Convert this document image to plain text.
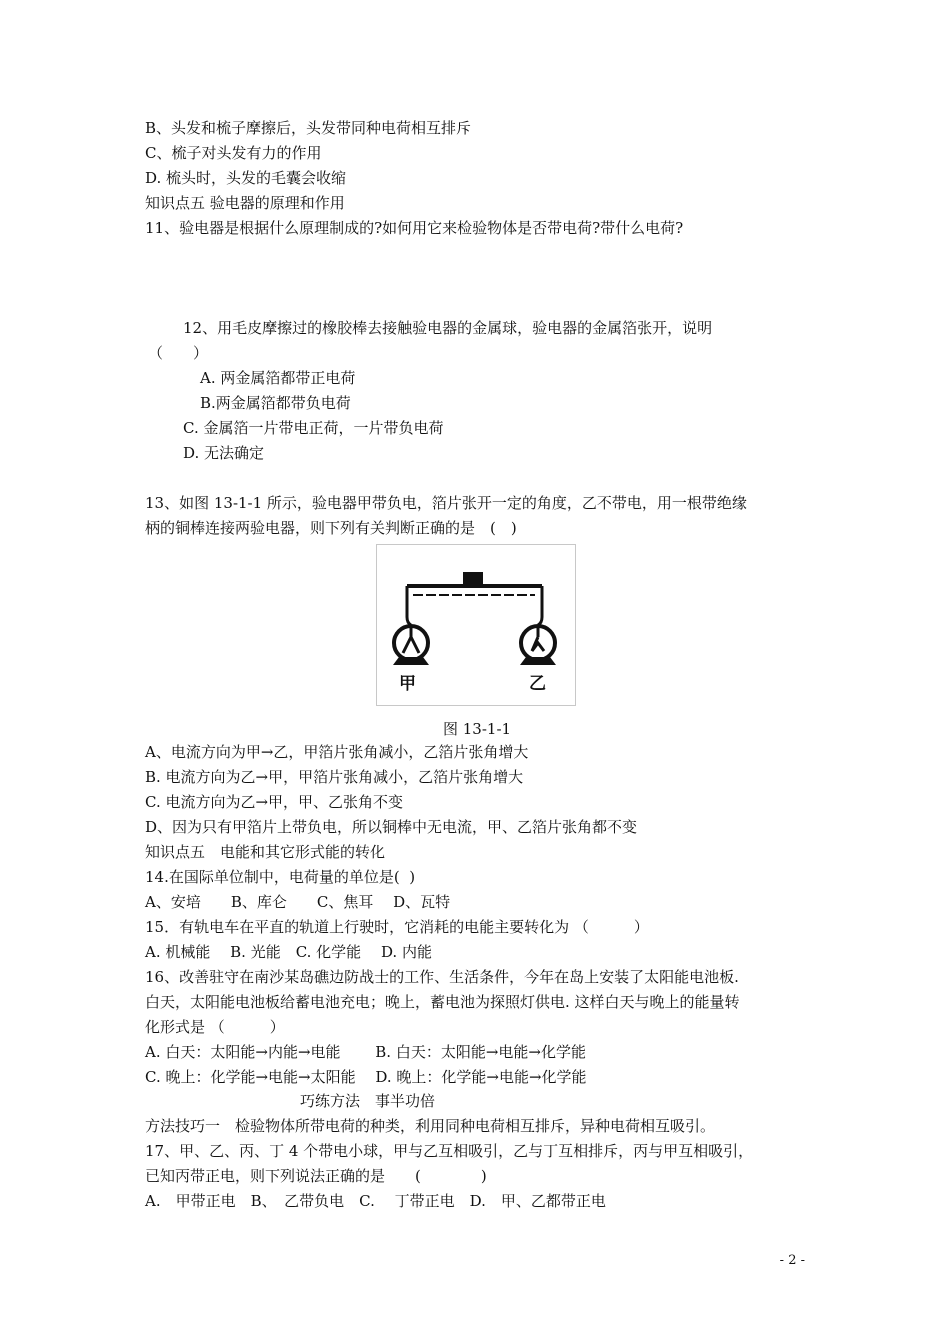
B、头发和梳子摩擦后，头发带同种电荷相互排斥
C、梳子对头发有力的作用
D. 梳头时，头发的毛囊会收缩
知识点五 验电器的原理和作用
11、验电器是根据什么原理制成的?如何用它来检验物体是否带电荷?带什么电荷?
12、用毛皮摩擦过的橡胶棒去接触验电器的金属球，验电器的金属箔张开，说明
（　　）
A. 两金属箔都带正电荷
B.两金属箔都带负电荷
C. 金属箔一片带电正荷，一片带负电荷
D. 无法确定
13、如图 13-1-1 所示，验电器甲带负电，箔片张开一定的角度，乙不带电，用一根带绝缘
柄的铜棒连接两验电器，则下列有关判断正确的是　(　)
甲	乙
图 13-1-1
A、电流方向为甲→乙，甲箔片张角减小，乙箔片张角增大
B. 电流方向为乙→甲，甲箔片张角减小，乙箔片张角增大
C. 电流方向为乙→甲，甲、乙张角不变
D、因为只有甲箔片上带负电，所以铜棒中无电流，甲、乙箔片张角都不变
知识点五　电能和其它形式能的转化
14.在国际单位制中，电荷量的单位是(  )
A、安培　　B、库仑　　C、焦耳　 D、瓦特
15．有轨电车在平直的轨道上行驶时，它消耗的电能主要转化为 （　　　）
A. 机械能　 B. 光能　C. 化学能　 D. 内能
16、改善驻守在南沙某岛礁边防战士的工作、生活条件，今年在岛上安装了太阳能电池板.
白天，太阳能电池板给蓄电池充电；晚上，蓄电池为探照灯供电. 这样白天与晚上的能量转
化形式是 （　　　）
A. 白天：太阳能→内能→电能　　 B. 白天：太阳能→电能→化学能
C. 晚上：化学能→电能→太阳能　 D. 晚上：化学能→电能→化学能
巧练方法　事半功倍
方法技巧一　检验物体所带电荷的种类，利用同种电荷相互排斥，异种电荷相互吸引。
17、甲、乙、丙、丁 4 个带电小球，甲与乙互相吸引，乙与丁互相排斥，丙与甲互相吸引，
已知丙带正电，则下列说法正确的是　　(　　　　)
A.　甲带正电　B、　乙带负电　C.　 丁带正电　D.　甲、乙都带正电
- 2 -
